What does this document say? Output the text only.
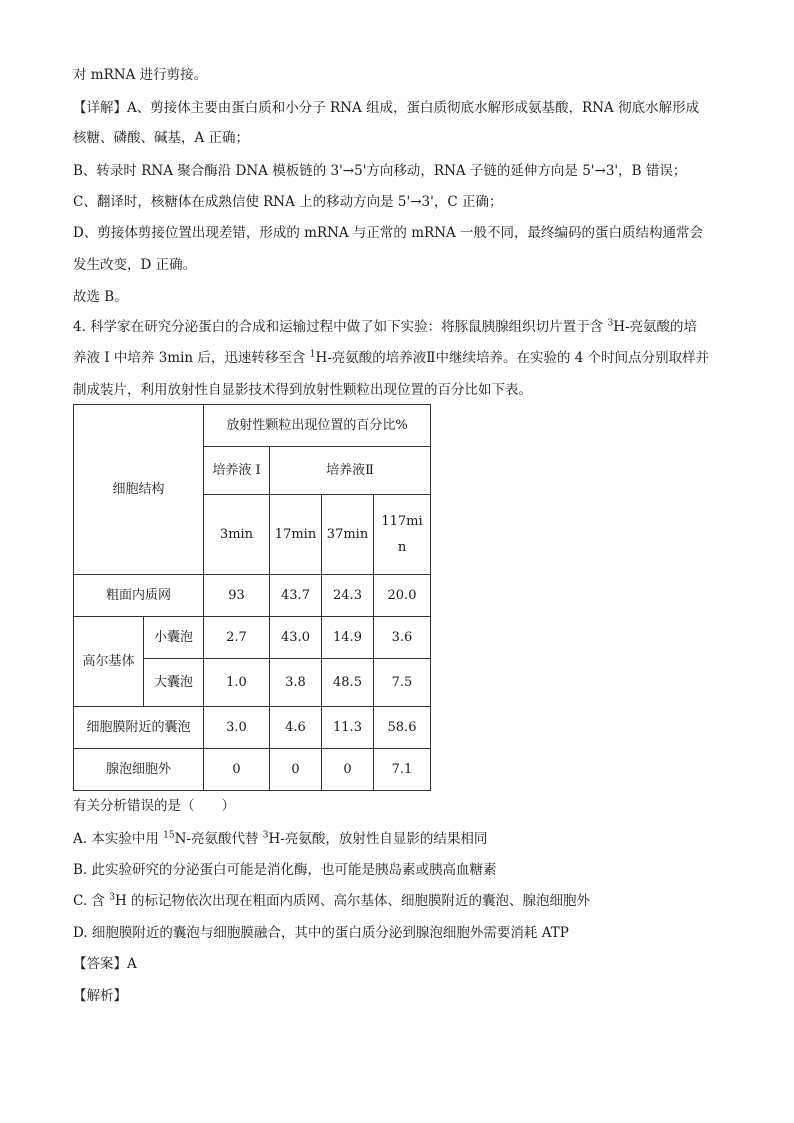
对 mRNA 进行剪接。
【详解】A、剪接体主要由蛋白质和小分子 RNA 组成，蛋白质彻底水解形成氨基酸，RNA 彻底水解形成
核糖、磷酸、碱基，A 正确；
B、转录时 RNA 聚合酶沿 DNA 模板链的 3'→5'方向移动，RNA 子链的延伸方向是 5'→3'，B 错误；
C、翻译时，核糖体在成熟信使 RNA 上的移动方向是 5'→3'，C 正确；
D、剪接体剪接位置出现差错，形成的 mRNA 与正常的 mRNA 一般不同，最终编码的蛋白质结构通常会
发生改变，D 正确。
故选 B。
4. 科学家在研究分泌蛋白的合成和运输过程中做了如下实验：将豚鼠胰腺组织切片置于含 $^3$H-亮氨酸的培
养液 I 中培养 3min 后，迅速转移至含 $^1$H-亮氨酸的培养液Ⅱ中继续培养。在实验的 4 个时间点分别取样并
制成装片，利用放射性自显影技术得到放射性颗粒出现位置的百分比如下表。
细胞结构		放射性颗粒出现位置的百分比%			
		培养液 I	培养液Ⅱ		
		3min	17min	37min	117mi
n
粗面内质网		93	43.7	24.3	20.0
高尔基体	小囊泡	2.7	43.0	14.9	3.6
	大囊泡	1.0	3.8	48.5	7.5
细胞膜附近的囊泡		3.0	4.6	11.3	58.6
腺泡细胞外		0	0	0	7.1
有关分析错误的是（　　）
A. 本实验中用 $^{15}$N-亮氨酸代替 $^3$H-亮氨酸，放射性自显影的结果相同
B. 此实验研究的分泌蛋白可能是消化酶，也可能是胰岛素或胰高血糖素
C. 含 $^3$H 的标记物依次出现在粗面内质网、高尔基体、细胞膜附近的囊泡、腺泡细胞外
D. 细胞膜附近的囊泡与细胞膜融合，其中的蛋白质分泌到腺泡细胞外需要消耗 ATP
【答案】A
【解析】
